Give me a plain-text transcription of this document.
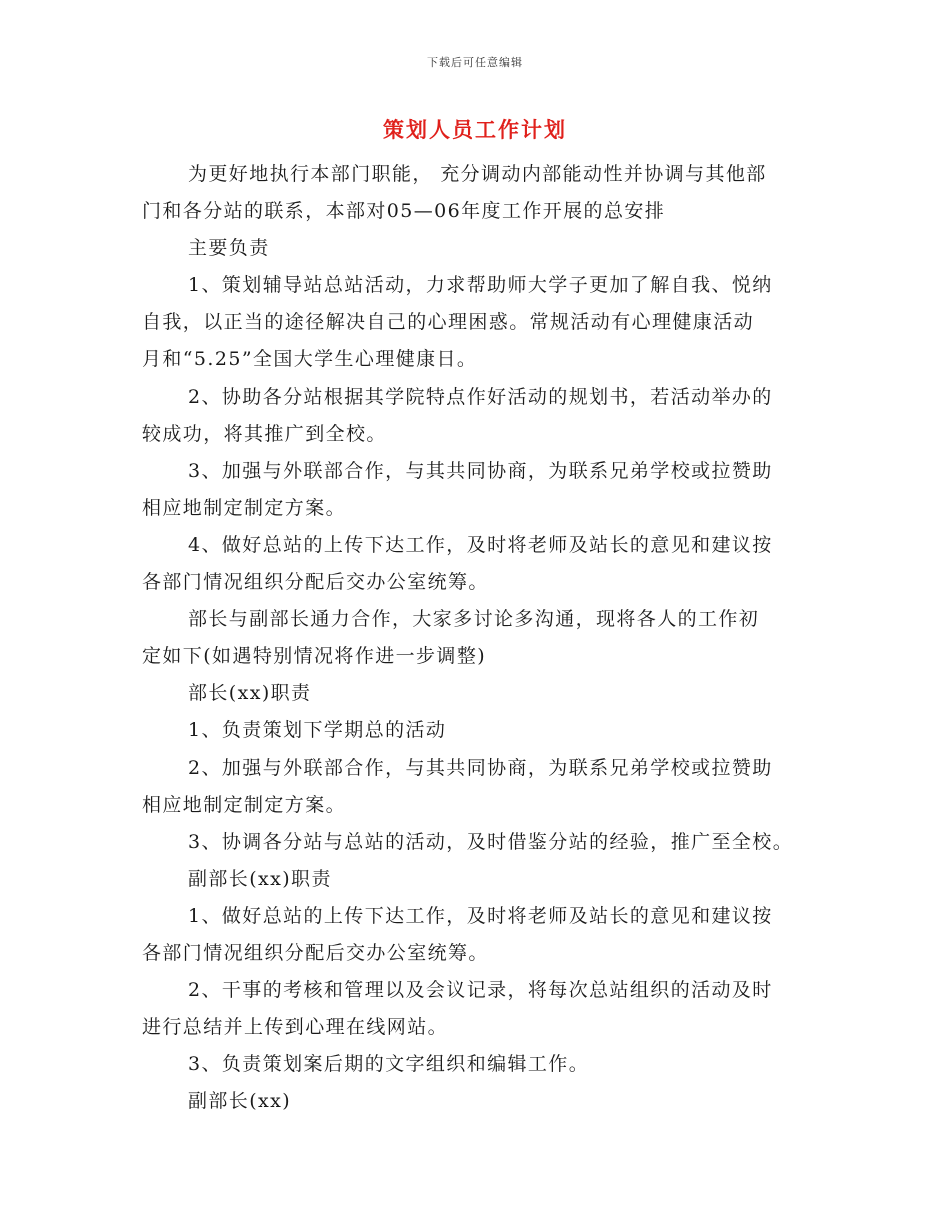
下载后可任意编辑
策划人员工作计划
为更好地执行本部门职能， 充分调动内部能动性并协调与其他部
门和各分站的联系，本部对05—06年度工作开展的总安排
主要负责
1、策划辅导站总站活动，力求帮助师大学子更加了解自我、悦纳
自我，以正当的途径解决自己的心理困惑。常规活动有心理健康活动
月和“5.25”全国大学生心理健康日。
2、协助各分站根据其学院特点作好活动的规划书，若活动举办的
较成功，将其推广到全校。
3、加强与外联部合作，与其共同协商，为联系兄弟学校或拉赞助
相应地制定制定方案。
4、做好总站的上传下达工作，及时将老师及站长的意见和建议按
各部门情况组织分配后交办公室统筹。
部长与副部长通力合作，大家多讨论多沟通，现将各人的工作初
定如下(如遇特别情况将作进一步调整)
部长(xx)职责
1、负责策划下学期总的活动
2、加强与外联部合作，与其共同协商，为联系兄弟学校或拉赞助
相应地制定制定方案。
3、协调各分站与总站的活动，及时借鉴分站的经验，推广至全校。
副部长(xx)职责
1、做好总站的上传下达工作，及时将老师及站长的意见和建议按
各部门情况组织分配后交办公室统筹。
2、干事的考核和管理以及会议记录，将每次总站组织的活动及时
进行总结并上传到心理在线网站。
3、负责策划案后期的文字组织和编辑工作。
副部长(xx)
